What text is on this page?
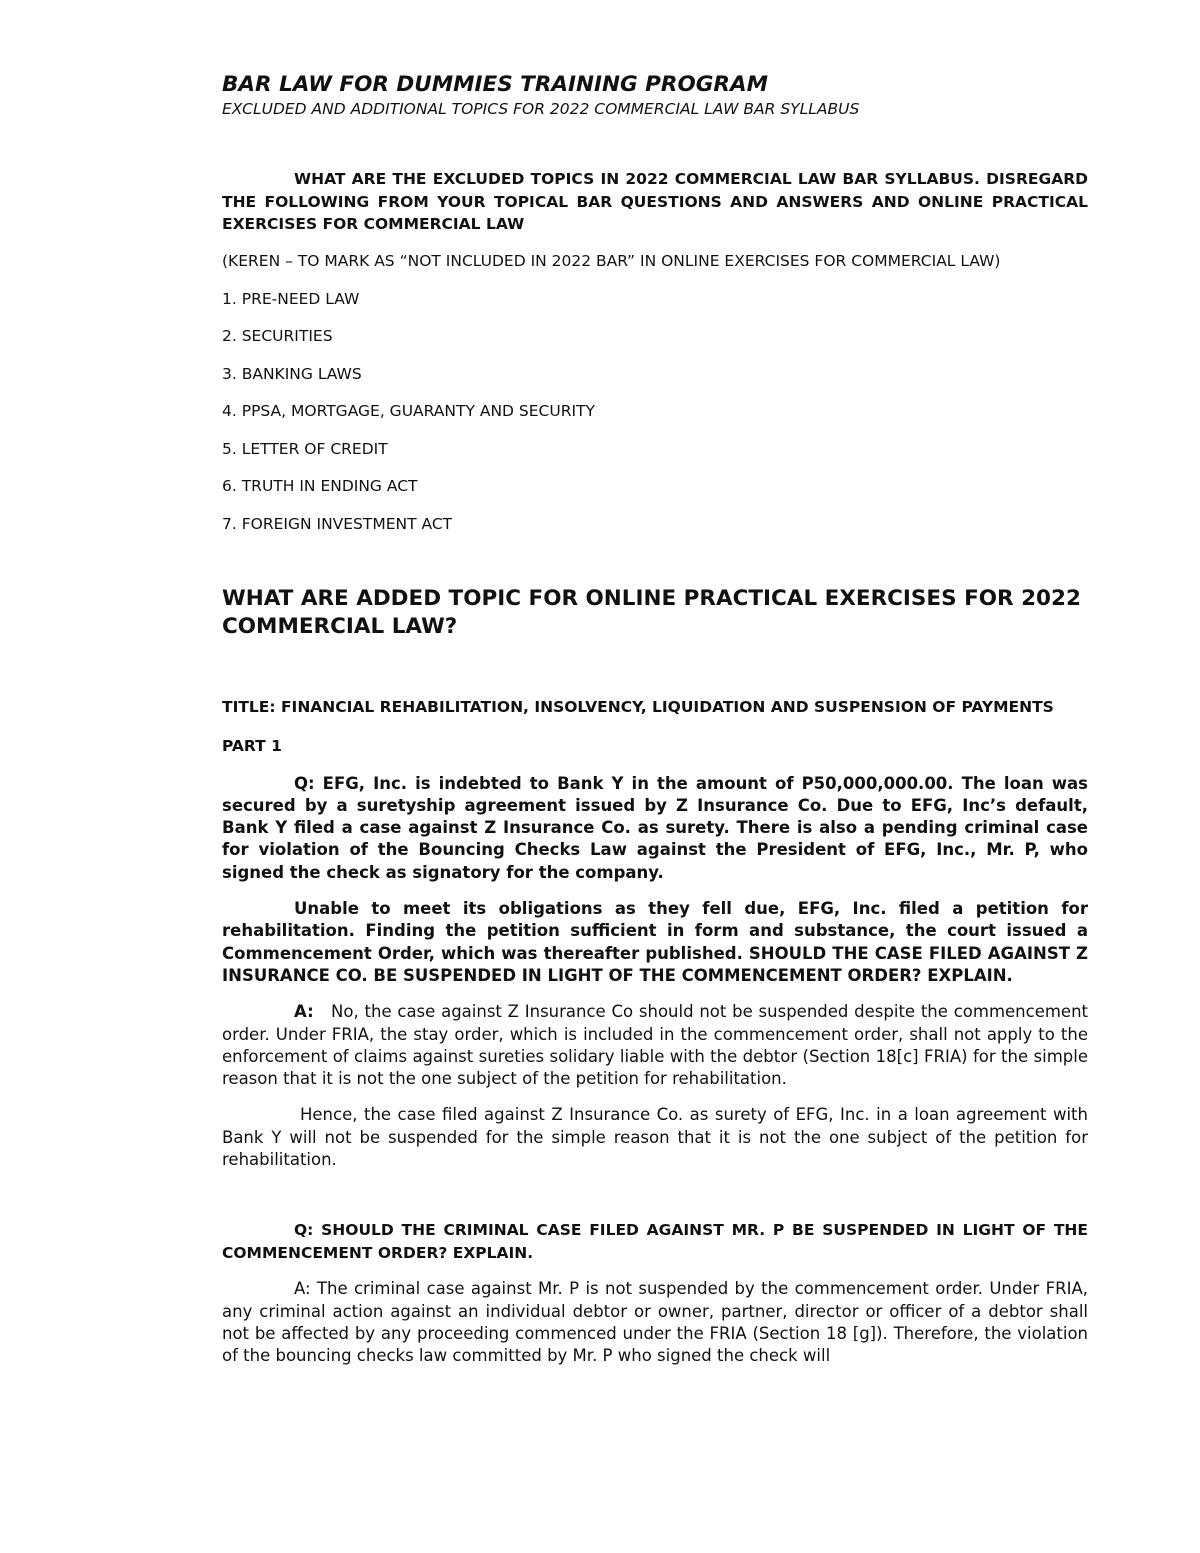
BAR LAW FOR DUMMIES TRAINING PROGRAM

EXCLUDED AND ADDITIONAL TOPICS FOR 2022 COMMERCIAL LAW BAR SYLLABUS

WHAT ARE THE EXCLUDED TOPICS IN 2022 COMMERCIAL LAW BAR SYLLABUS. DISREGARD THE FOLLOWING FROM YOUR TOPICAL BAR QUESTIONS AND ANSWERS AND ONLINE PRACTICAL EXERCISES FOR COMMERCIAL LAW
(KEREN – TO MARK AS “NOT INCLUDED IN 2022 BAR” IN ONLINE EXERCISES FOR COMMERCIAL LAW)
1. PRE-NEED LAW
2. SECURITIES
3. BANKING LAWS
4. PPSA, MORTGAGE, GUARANTY AND SECURITY
5. LETTER OF CREDIT
6. TRUTH IN ENDING ACT
7. FOREIGN INVESTMENT ACT
WHAT ARE ADDED TOPIC FOR ONLINE PRACTICAL EXERCISES FOR 2022 COMMERCIAL LAW?
TITLE: FINANCIAL REHABILITATION, INSOLVENCY, LIQUIDATION AND SUSPENSION OF PAYMENTS
PART 1
Q: EFG, Inc. is indebted to Bank Y in the amount of P50,000,000.00. The loan was secured by a suretyship agreement issued by Z Insurance Co. Due to EFG, Inc’s default, Bank Y filed a case against Z Insurance Co. as surety. There is also a pending criminal case for violation of the Bouncing Checks Law against the President of EFG, Inc., Mr. P, who signed the check as signatory for the company.
Unable to meet its obligations as they fell due, EFG, Inc. filed a petition for rehabilitation. Finding the petition sufficient in form and substance, the court issued a Commencement Order, which was thereafter published. SHOULD THE CASE FILED AGAINST Z INSURANCE CO. BE SUSPENDED IN LIGHT OF THE COMMENCEMENT ORDER? EXPLAIN.
A: No, the case against Z Insurance Co should not be suspended despite the commencement order. Under FRIA, the stay order, which is included in the commencement order, shall not apply to the enforcement of claims against sureties solidary liable with the debtor (Section 18[c] FRIA) for the simple reason that it is not the one subject of the petition for rehabilitation.
Hence, the case filed against Z Insurance Co. as surety of EFG, Inc. in a loan agreement with Bank Y will not be suspended for the simple reason that it is not the one subject of the petition for rehabilitation.
Q: SHOULD THE CRIMINAL CASE FILED AGAINST MR. P BE SUSPENDED IN LIGHT OF THE COMMENCEMENT ORDER? EXPLAIN.
A: The criminal case against Mr. P is not suspended by the commencement order. Under FRIA, any criminal action against an individual debtor or owner, partner, director or officer of a debtor shall not be affected by any proceeding commenced under the FRIA (Section 18 [g]). Therefore, the violation of the bouncing checks law committed by Mr. P who signed the check will
